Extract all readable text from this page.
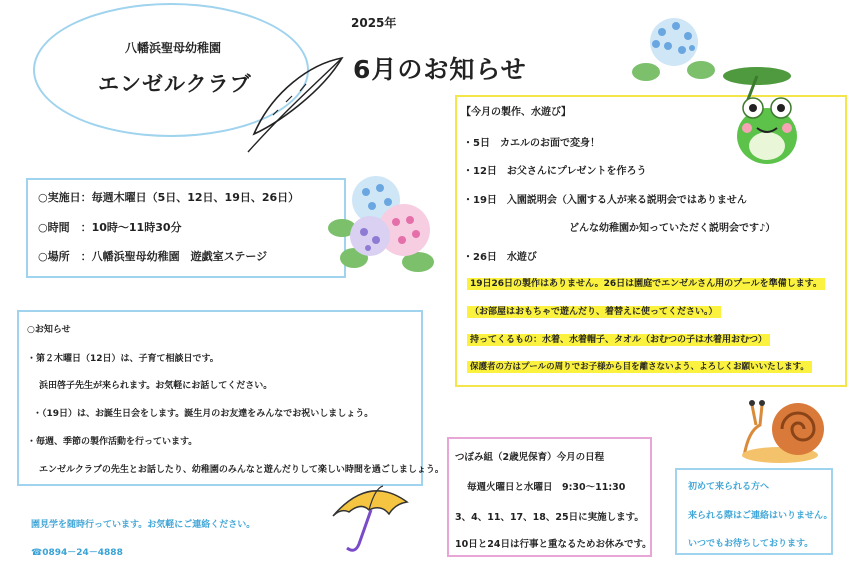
八幡浜聖母幼稚園
エンゼルクラブ
2025年
6月のお知らせ
○実施日：毎週木曜日（5日、12日、19日、26日）
○時間　：10時～11時30分
○場所　：八幡浜聖母幼稚園　遊戯室ステージ
○お知らせ
・第２木曜日（12日）は、子育て相談日です。
浜田啓子先生が来られます。お気軽にお話してください。
・（19日）は、お誕生日会をします。誕生月のお友達をみんなでお祝いしましょう。
・毎週、季節の製作活動を行っています。
エンゼルクラブの先生とお話したり、幼稚園のみんなと遊んだりして楽しい時間を過ごしましょう。
園見学を随時行っています。お気軽にご連絡ください。
☎0894－24－4888
【今月の製作、水遊び】
・5日　カエルのお面で変身！
・12日　お父さんにプレゼントを作ろう
・19日　入園説明会（入園する人が来る説明会ではありません
どんな幼稚園か知っていただく説明会です♪）
・26日　水遊び
19日26日の製作はありません。26日は園庭でエンゼルさん用のプールを準備します。
（お部屋はおもちゃで遊んだり、着替えに使ってください。）
持ってくるもの：水着、水着帽子、タオル（おむつの子は水着用おむつ）
保護者の方はプールの周りでお子様から目を離さないよう、よろしくお願いいたします。
つぼみ組（2歳児保育）今月の日程
毎週火曜日と水曜日　9:30～11:30
3、4、11、17、18、25日に実施します。
10日と24日は行事と重なるためお休みです。
初めて来られる方へ
来られる際はご連絡はいりません。
いつでもお待ちしております。
